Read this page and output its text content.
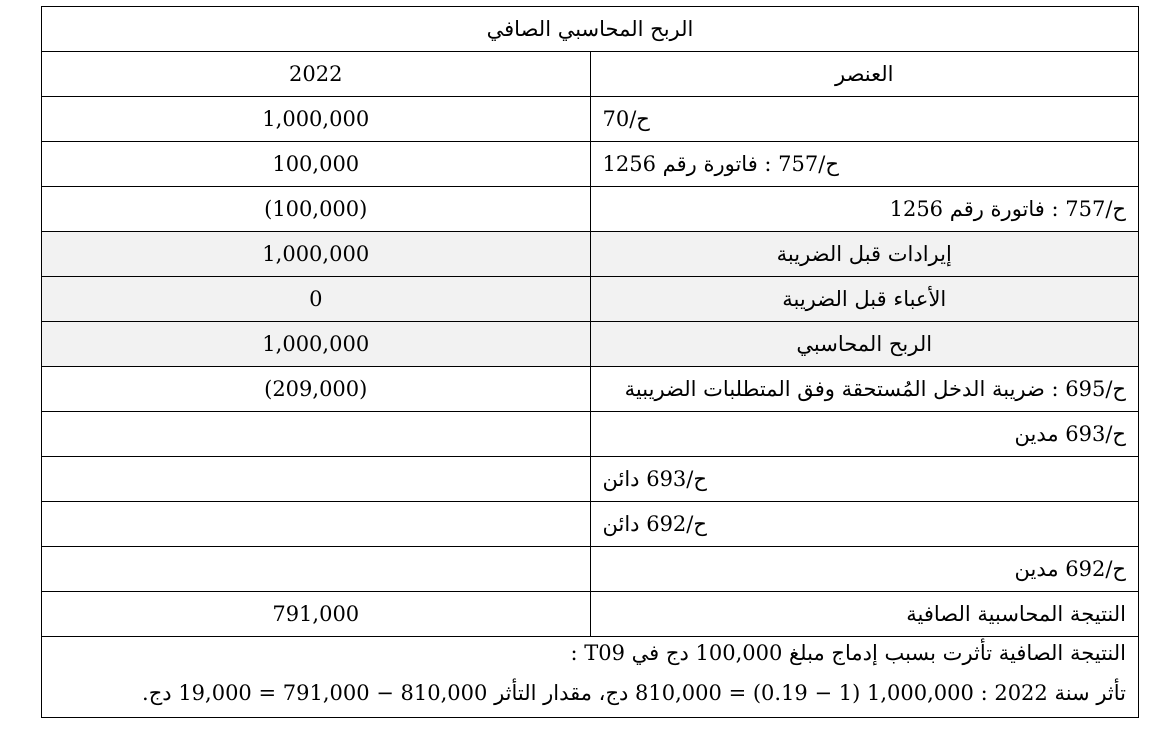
الربح المحاسبي الصافي	
العنصر	2022
ح/70	1,000,000
ح/757 : فاتورة رقم 1256	100,000
ح/757 : فاتورة رقم 1256	(100,000)
إيرادات قبل الضريبة	1,000,000
الأعباء قبل الضريبة	0
الربح المحاسبي	1,000,000
ح/695 : ضريبة الدخل المُستحقة وفق المتطلبات الضريبية	(209,000)
ح/693 مدين	
ح/693 دائن	
ح/692 دائن	
ح/692 مدين	
النتيجة المحاسبية الصافية	791,000

النتيجة الصافية تأثرت بسبب إدماج مبلغ 100,000 دج في T09 :
تأثر سنة 2022 : 1,000,000 (1 − 0.19) = 810,000 دج، مقدار التأثر 810,000 − 791,000 = 19,000 دج.	
